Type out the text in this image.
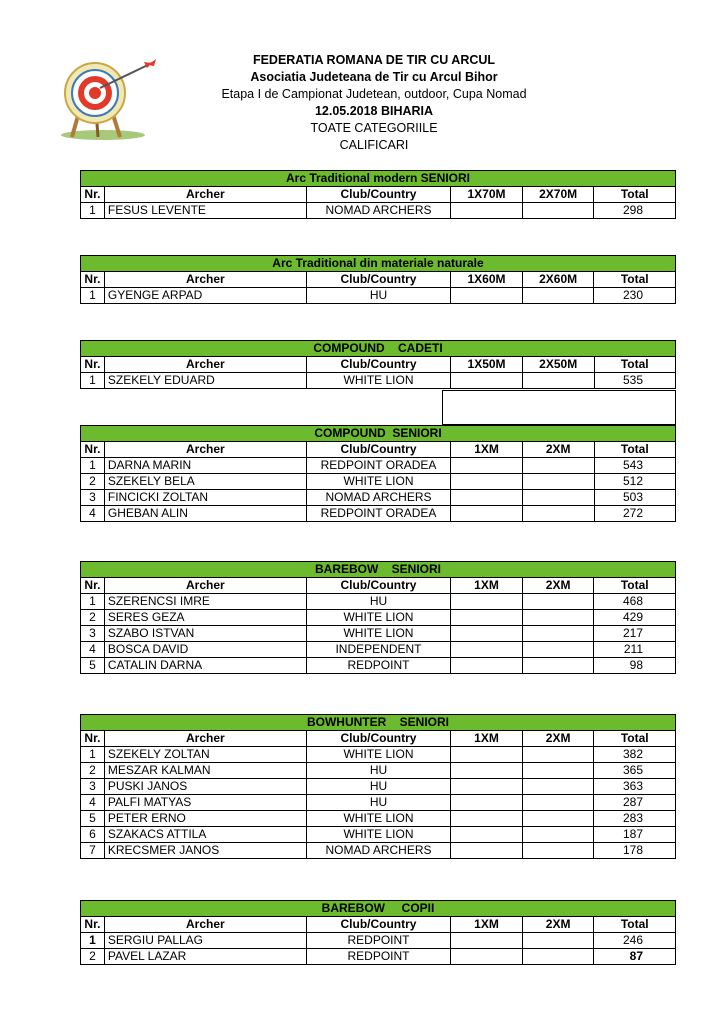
FEDERATIA ROMANA DE TIR CU ARCUL
Asociatia Judeteana de Tir cu Arcul Bihor
Etapa I de Campionat Judetean, outdoor, Cupa Nomad
12.05.2018 BIHARIA
TOATE CATEGORIILE
CALIFICARI
Arc Traditional modern SENIORI					
Nr.	Archer	Club/Country	1X70M	2X70M	Total
1	FESUS LEVENTE	NOMAD ARCHERS			298
Arc Traditional din materiale naturale					
Nr.	Archer	Club/Country	1X60M	2X60M	Total
1	GYENGE ARPAD	HU			230
COMPOUND    CADETI					
Nr.	Archer	Club/Country	1X50M	2X50M	Total
1	SZEKELY EDUARD	WHITE LION			535
COMPOUND  SENIORI					
Nr.	Archer	Club/Country	1XM	2XM	Total
1	DARNA MARIN	REDPOINT ORADEA			543
2	SZEKELY BELA	WHITE LION			512
3	FINCICKI ZOLTAN	NOMAD ARCHERS			503
4	GHEBAN ALIN	REDPOINT ORADEA			272
BAREBOW    SENIORI					
Nr.	Archer	Club/Country	1XM	2XM	Total
1	SZERENCSI IMRE	HU			468
2	SERES GEZA	WHITE LION			429
3	SZABO ISTVAN	WHITE LION			217
4	BOSCA DAVID	INDEPENDENT			211
5	CATALIN DARNA	REDPOINT			98
BOWHUNTER    SENIORI					
Nr.	Archer	Club/Country	1XM	2XM	Total
1	SZEKELY ZOLTAN	WHITE LION			382
2	MESZAR KALMAN	HU			365
3	PUSKI JANOS	HU			363
4	PALFI MATYAS	HU			287
5	PETER ERNO	WHITE LION			283
6	SZAKACS ATTILA	WHITE LION			187
7	KRECSMER JANOS	NOMAD ARCHERS			178
BAREBOW     COPII					
Nr.	Archer	Club/Country	1XM	2XM	Total
1	SERGIU PALLAG	REDPOINT			246
2	PAVEL LAZAR	REDPOINT			87
